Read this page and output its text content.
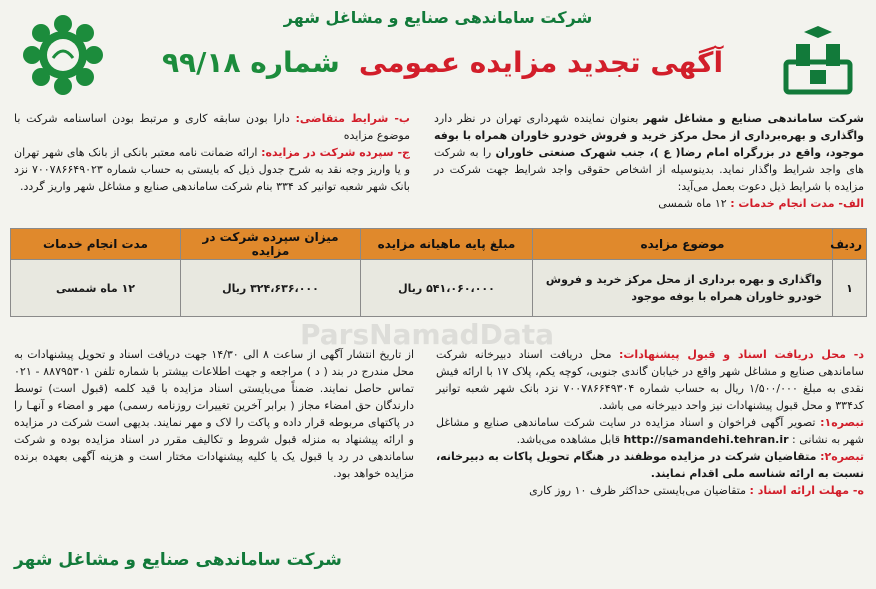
شرکت ساماندهی صنایع و مشاغل شهر
آگهی تجدید مزایده عمومی شماره ۹۹/۱۸
شرکت ساماندهی صنایع و مشاغل شهر بعنوان نماینده شهرداری تهران در نظر دارد واگذاری و بهره‌برداری از محل مرکز خرید و فروش خودرو خاوران همراه با بوفه موجود، واقع در بزرگراه امام رضا( ع )، جنب شهرک صنعتی خاوران را به شرکت های واجد شرایط واگذار نماید. بدینوسیله از اشخاص حقوقی واجد شرایط جهت شرکت در مزایده با شرایط ذیل دعوت بعمل می‌آید:
الف- مدت انجام خدمات : ۱۲ ماه شمسی
ب- شرایط متقاضی: دارا بودن سابقه کاری و مرتبط بودن اساسنامه شرکت با موضوع مزایده
ج- سپرده شرکت در مزایده: ارائه ضمانت نامه معتبر بانکی از بانک های شهر تهران و یا واریز وجه نقد به شرح جدول ذیل که بایستی به حساب شماره ۷۰۰۷۸۶۶۴۹۰۲۳ نزد بانک شهر شعبه توانیر کد ۳۳۴ بنام شرکت ساماندهی صنایع و مشاغل شهر واریز گردد.
ردیف	موضوع مزایده	مبلغ پایه ماهیانه مزایده	میزان سپرده شرکت در مزایده	مدت انجام خدمات
۱	واگذاری و بهره برداری از محل مرکز خرید و فروش خودرو خاوران همراه با بوفه موجود	۵۴۱،۰۶۰،۰۰۰ ریال	۳۲۴،۶۳۶،۰۰۰ ریال	۱۲ ماه شمسی
ParsNamadData
د- محل دریافت اسناد و قبول پیشنهادات: محل دریافت اسناد دبیرخانه شرکت ساماندهی صنایع و مشاغل شهر واقع در خیابان گاندی جنوبی، کوچه یکم، پلاک ۱۷ با ارائه فیش نقدی به مبلغ ۱/۵۰۰/۰۰۰ ریال به حساب شماره ۷۰۰۷۸۶۶۴۹۳۰۴ نزد بانک شهر شعبه توانیر کد۳۳۴ و محل قبول پیشنهادات نیز واحد دبیرخانه می باشد.
تبصره۱: تصویر آگهی فراخوان و اسناد مزایده در سایت شرکت ساماندهی صنایع و مشاغل شهر به نشانی : http://samandehi.tehran.ir قابل مشاهده می‌باشد.
تبصره۲: متقاضیان شرکت در مزایده موظفند در هنگام تحویل پاکات به دبیرخانه، نسبت به ارائه شناسه ملی اقدام نمایند.
ه- مهلت ارائه اسناد : متقاضیان می‌بایستی حداکثر ظرف ۱۰ روز کاری
از تاریخ انتشار آگهی از ساعت ۸ الی ۱۴/۳۰ جهت دریافت اسناد و تحویل پیشنهادات به محل مندرج در بند ( د ) مراجعه و جهت اطلاعات بیشتر با شماره تلفن ۸۸۷۹۵۳۰۱ - ۰۲۱ تماس حاصل نمایند. ضمناً می‌بایستی اسناد مزایده با قید کلمه (قبول است) توسط دارندگان حق امضاء مجاز ( برابر آخرین تغییرات روزنامه رسمی) مهر و امضاء و آنهـا را در پاکتهای مربوطه قرار داده و پاکت را لاک و مهر نمایند. بدیهی است شرکت در مزایده و ارائه پیشنهاد به منزله قبول شروط و تکالیف مقرر در اسناد مزایده بوده و شرکت ساماندهی در رد یا قبول یک یا کلیه پیشنهادات مختار است و هزینه آگهی بعهده برنده مزایده خواهد بود.
شرکت ساماندهی صنایع و مشاغل شهر
